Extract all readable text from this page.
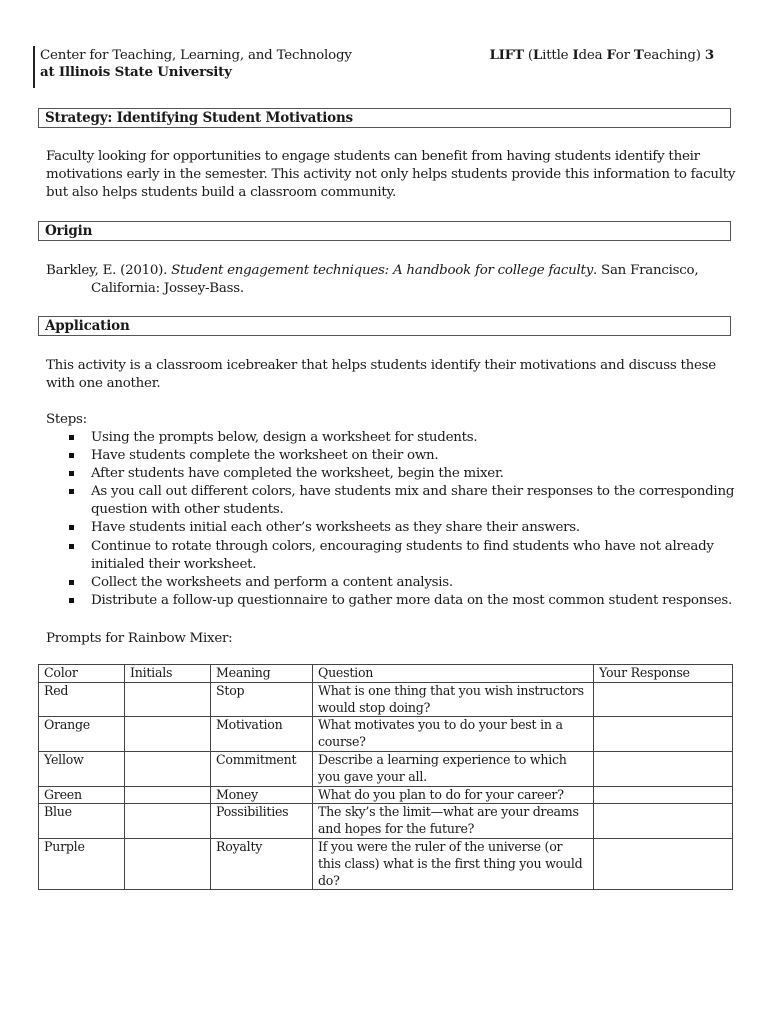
Center for Teaching, Learning, and Technology
at Illinois State University
LIFT (Little Idea For Teaching) 3
Strategy: Identifying Student Motivations

Faculty looking for opportunities to engage students can benefit from having students identify their motivations early in the semester. This activity not only helps students provide this information to faculty but also helps students build a classroom community.

Origin

Barkley, E. (2010). Student engagement techniques: A handbook for college faculty. San Francisco, California: Jossey-Bass.

Application

This activity is a classroom icebreaker that helps students identify their motivations and discuss these with one another.

Steps:

Using the prompts below, design a worksheet for students.
Have students complete the worksheet on their own.
After students have completed the worksheet, begin the mixer.
As you call out different colors, have students mix and share their responses to the corresponding question with other students.
Have students initial each other’s worksheets as they share their answers.
Continue to rotate through colors, encouraging students to find students who have not already initialed their worksheet.
Collect the worksheets and perform a content analysis.
Distribute a follow-up questionnaire to gather more data on the most common student responses.

Prompts for Rainbow Mixer:

Color	Initials	Meaning	Question	Your Response
Red		Stop	What is one thing that you wish instructors would stop doing?	
Orange		Motivation	What motivates you to do your best in a course?	
Yellow		Commitment	Describe a learning experience to which you gave your all.	
Green		Money	What do you plan to do for your career?	
Blue		Possibilities	The sky’s the limit—what are your dreams and hopes for the future?	
Purple		Royalty	If you were the ruler of the universe (or this class) what is the first thing you would do?	
